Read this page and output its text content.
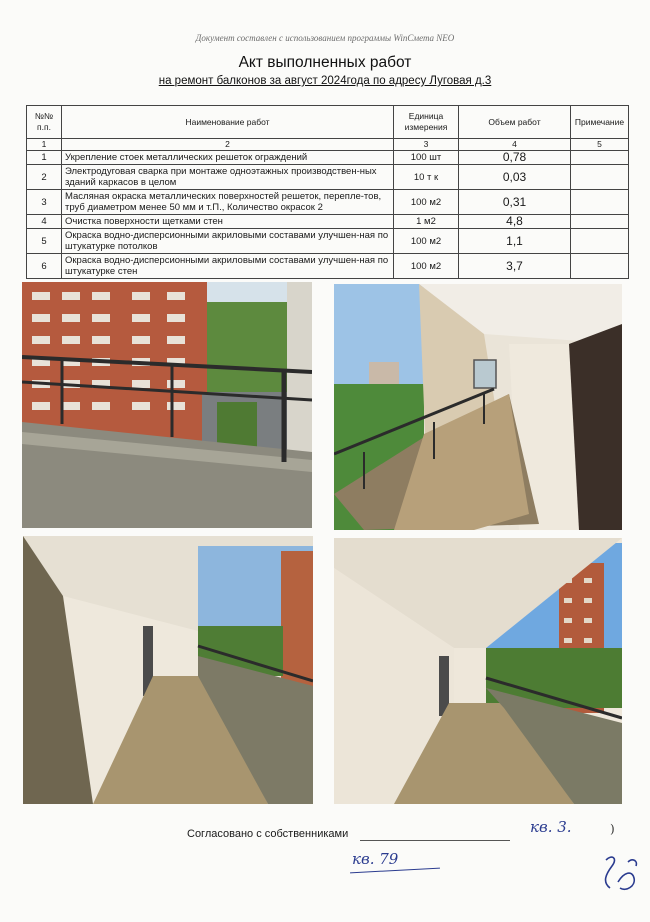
Документ составлен с использованием программы WinСмета NEO
Акт выполненных работ
на ремонт балконов за август 2024года по адресу Луговая д.3
№№ п.п.	Наименование работ	Единица измерения	Объем работ	Примечание
1	2	3	4	5
1	Укрепление стоек металлических решеток ограждений	100 шт	0,78	
2	Электродуговая сварка при монтаже одноэтажных производствен-ных зданий каркасов в целом	10 т к	0,03	
3	Масляная окраска металлических поверхностей решеток, перепле-тов, труб диаметром менее 50 мм и т.П., Количество окрасок 2	100 м2	0,31	
4	Очистка поверхности щетками стен	1 м2	4,8	
5	Окраска водно-дисперсионными акриловыми составами улучшен-ная по штукатурке потолков	100 м2	1,1	
6	Окраска водно-дисперсионными акриловыми составами улучшен-ная по штукатурке стен	100 м2	3,7	
Согласовано с собственниками	кв. 3.	)
кв. 79
